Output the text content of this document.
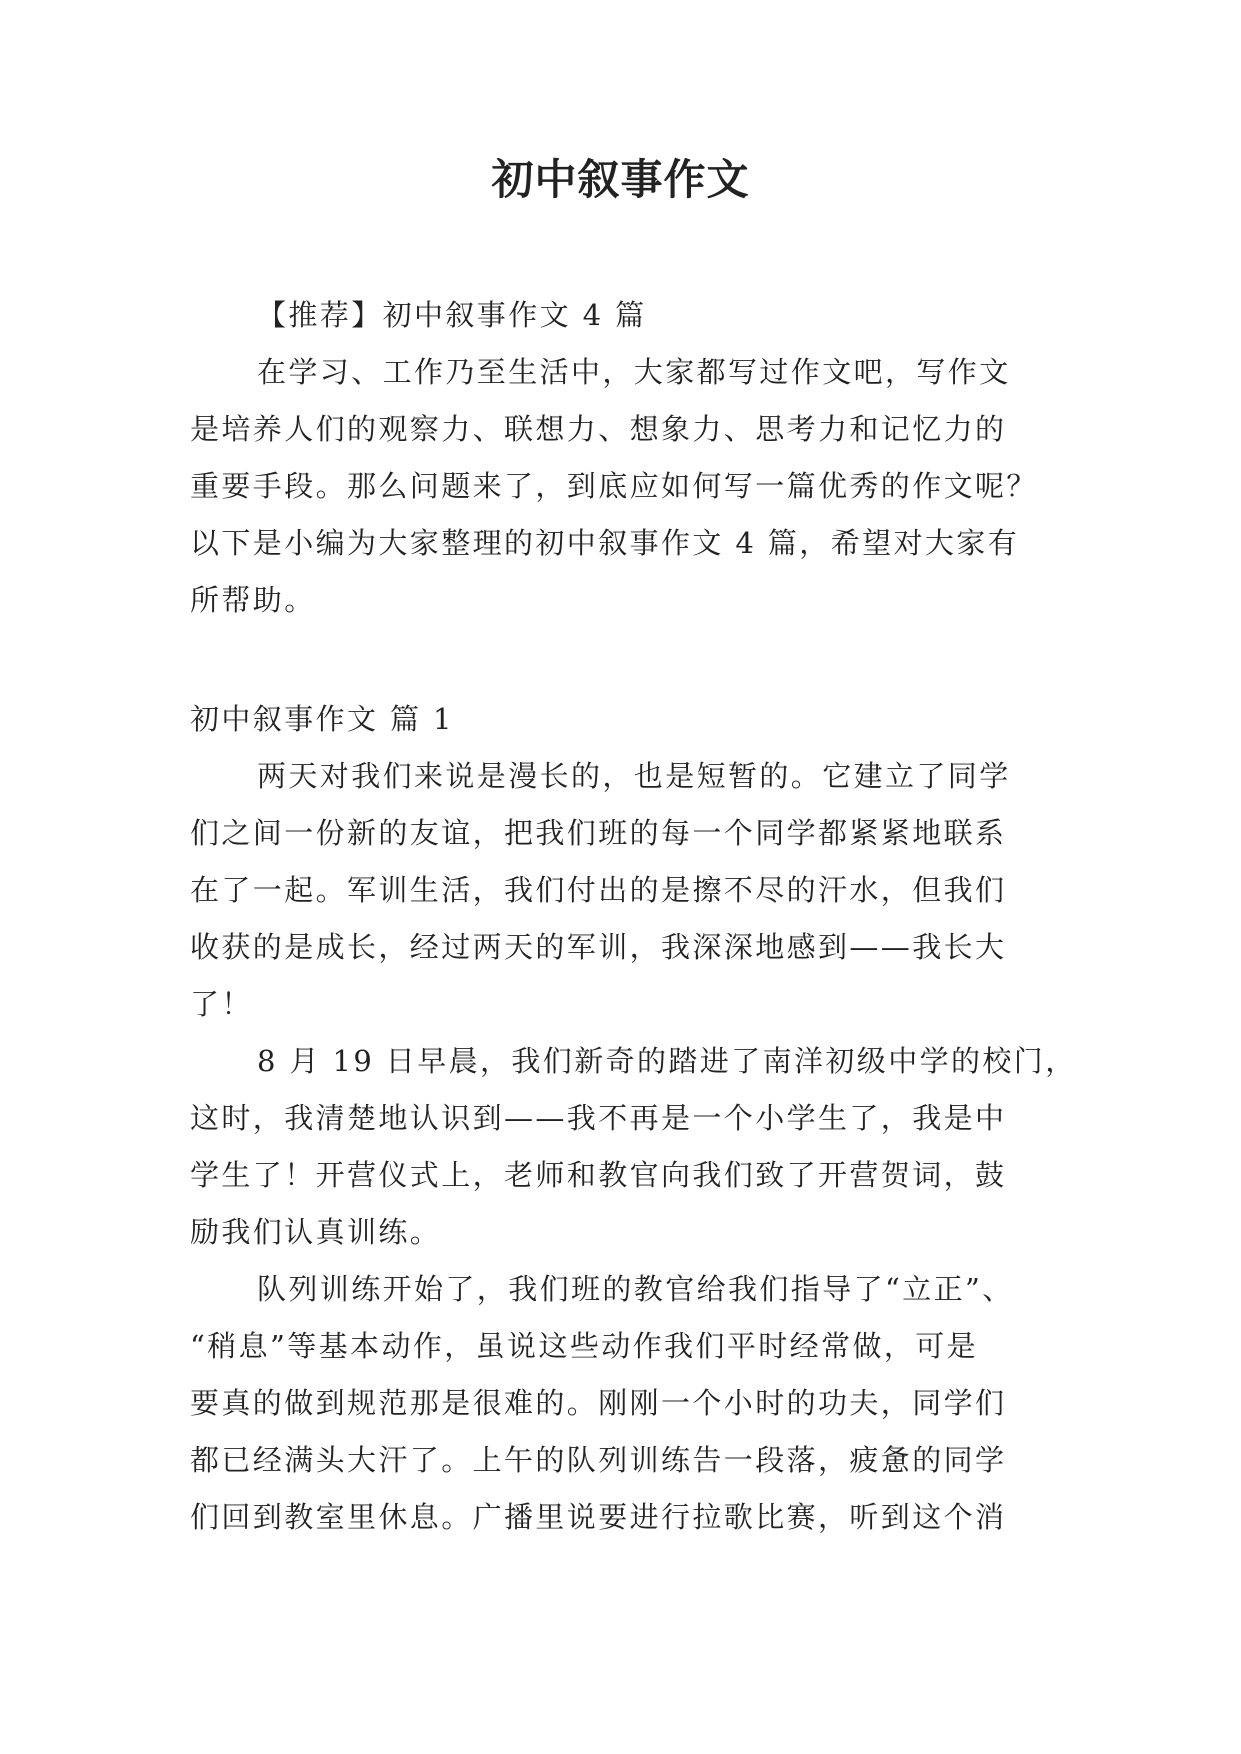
初中叙事作文
【推荐】初中叙事作文 4 篇
在学习、工作乃至生活中，大家都写过作文吧，写作文
是培养人们的观察力、联想力、想象力、思考力和记忆力的
重要手段。那么问题来了，到底应如何写一篇优秀的作文呢？
以下是小编为大家整理的初中叙事作文 4 篇，希望对大家有
所帮助。
初中叙事作文 篇 1
两天对我们来说是漫长的，也是短暂的。它建立了同学
们之间一份新的友谊，把我们班的每一个同学都紧紧地联系
在了一起。军训生活，我们付出的是擦不尽的汗水，但我们
收获的是成长，经过两天的军训，我深深地感到——我长大
了！
8 月 19 日早晨，我们新奇的踏进了南洋初级中学的校门，
这时，我清楚地认识到——我不再是一个小学生了，我是中
学生了！开营仪式上，老师和教官向我们致了开营贺词，鼓
励我们认真训练。
队列训练开始了，我们班的教官给我们指导了“立正”、
“稍息”等基本动作，虽说这些动作我们平时经常做，可是
要真的做到规范那是很难的。刚刚一个小时的功夫，同学们
都已经满头大汗了。上午的队列训练告一段落，疲惫的同学
们回到教室里休息。广播里说要进行拉歌比赛，听到这个消
